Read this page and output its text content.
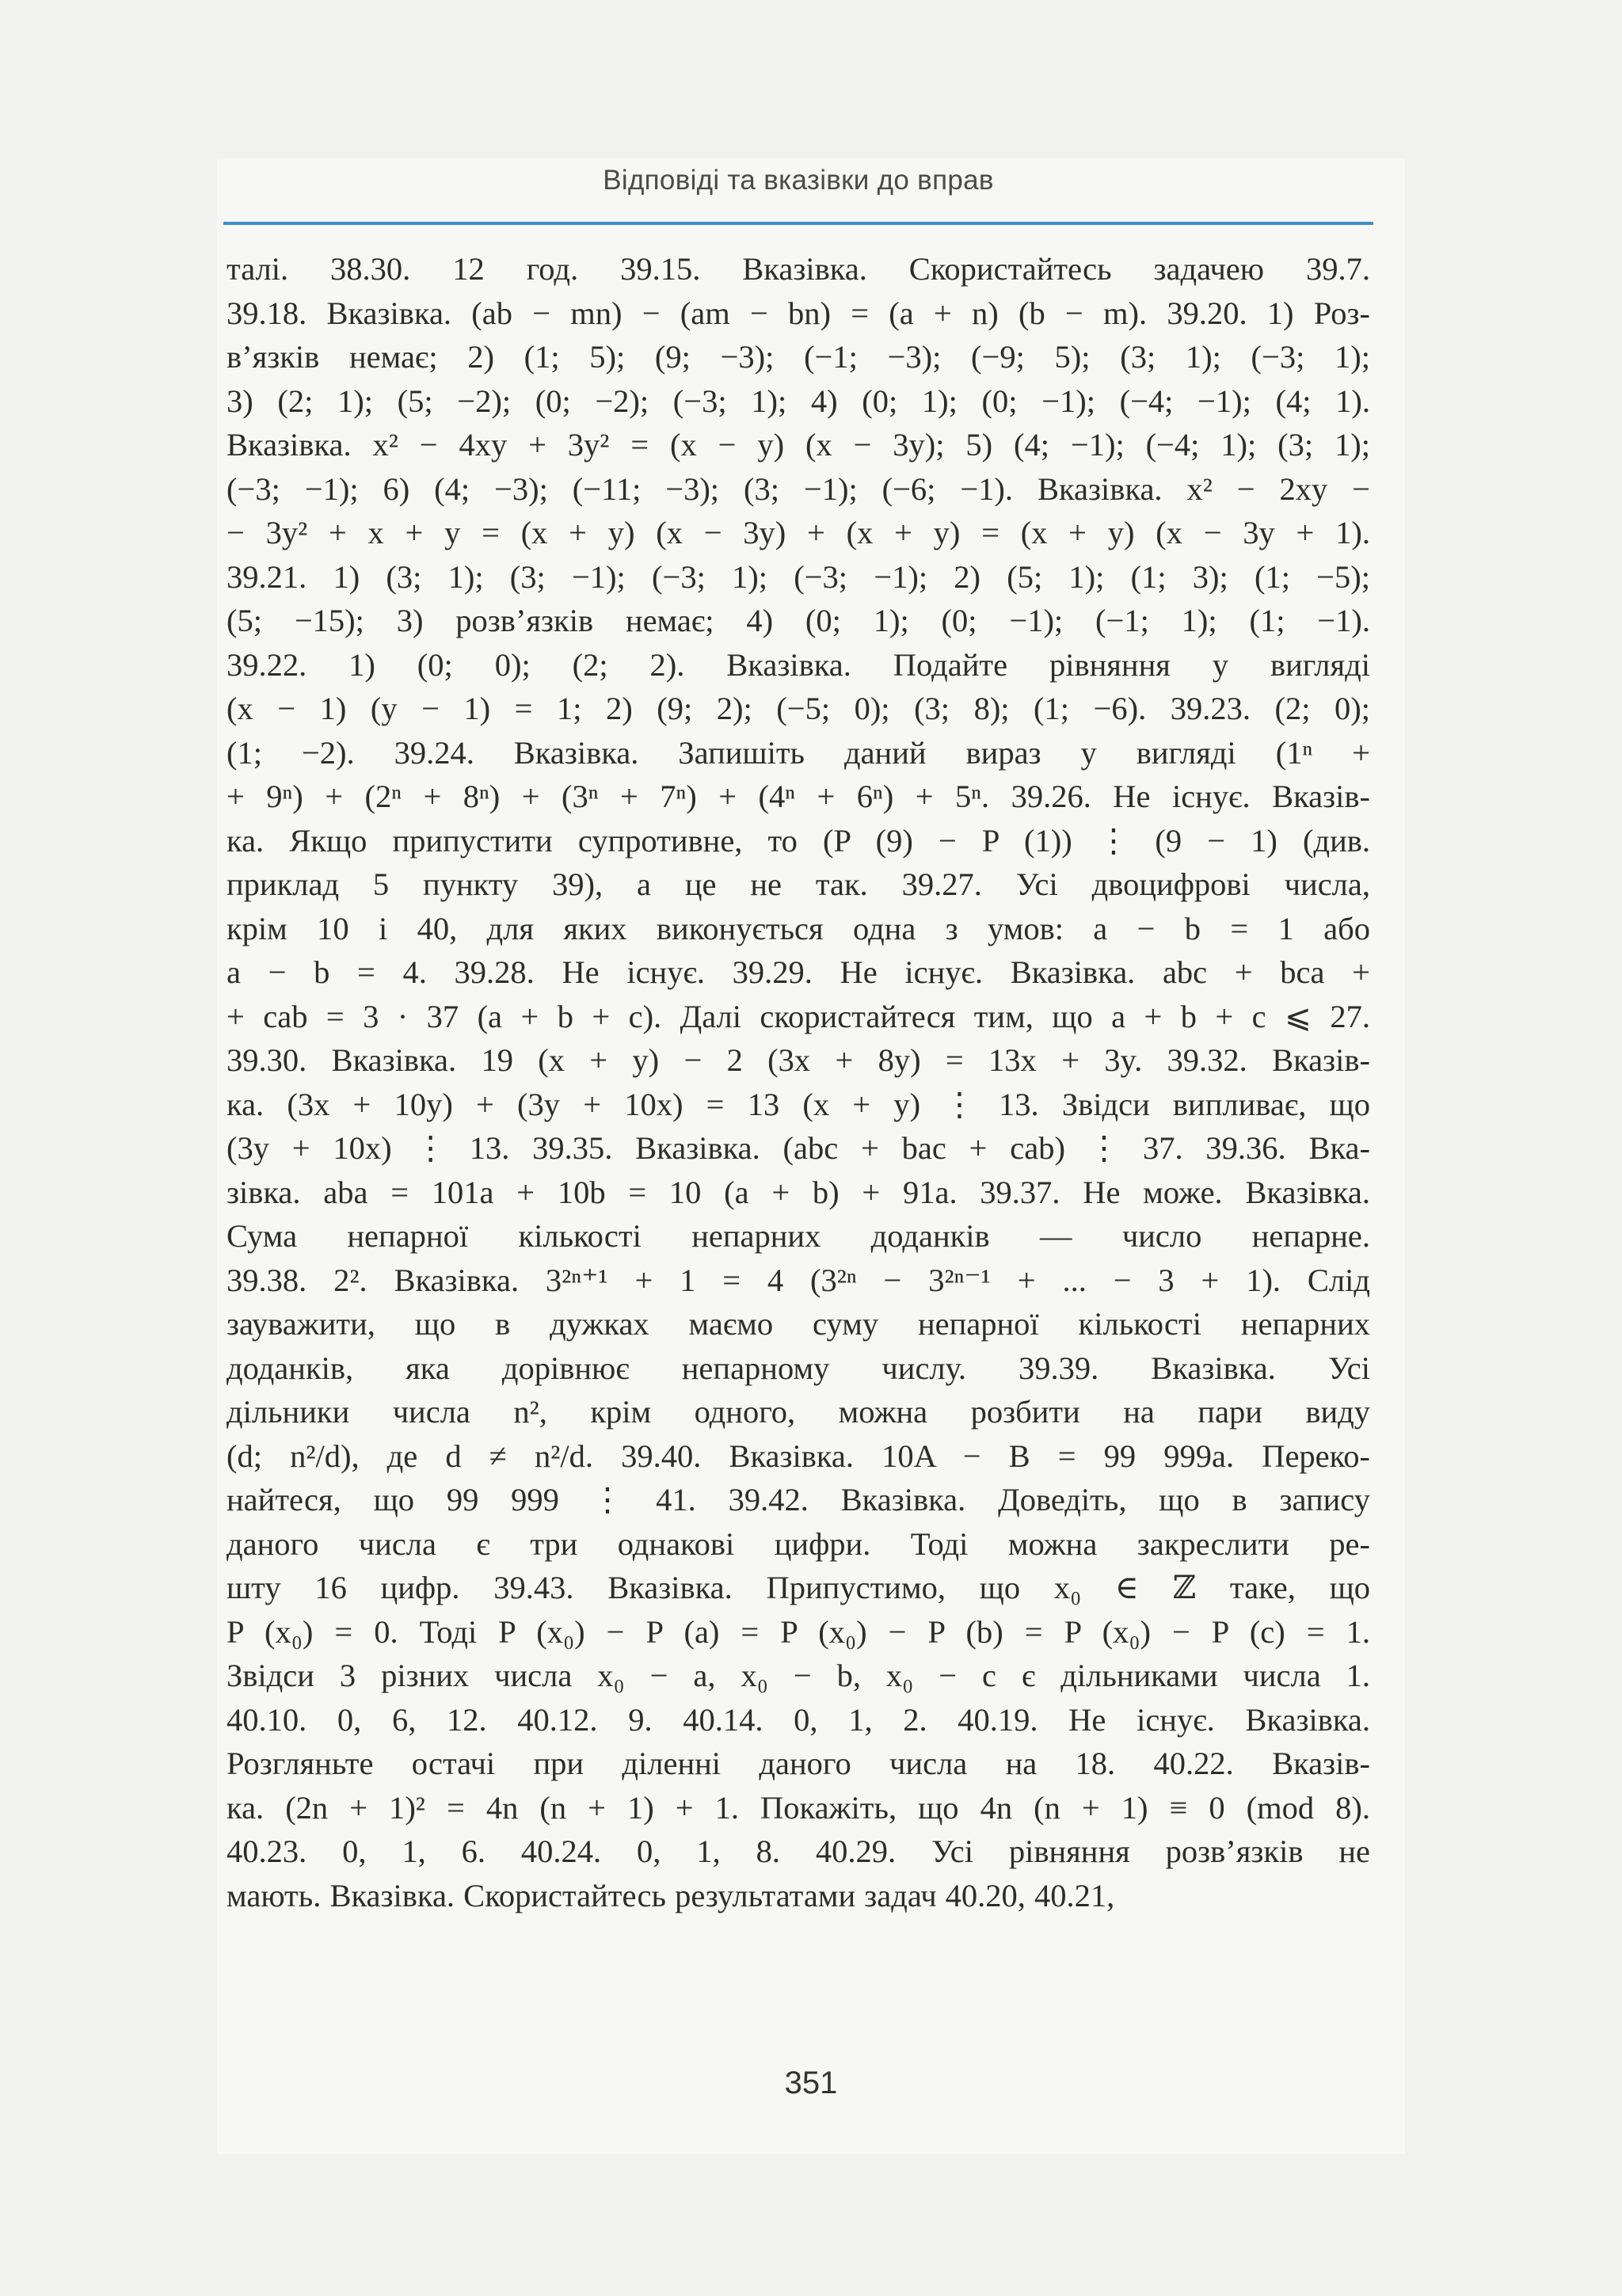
Відповіді та вказівки до вправ
талі. 38.30. 12 год. 39.15. Вказівка. Скористайтесь задачею 39.7.
39.18. Вказівка. (ab − mn) − (am − bn) = (a + n) (b − m). 39.20. 1) Роз-
в’язків немає; 2) (1; 5); (9; −3); (−1; −3); (−9; 5); (3; 1); (−3; 1);
3) (2; 1); (5; −2); (0; −2); (−3; 1); 4) (0; 1); (0; −1); (−4; −1); (4; 1).
Вказівка. x² − 4xy + 3y² = (x − y) (x − 3y); 5) (4; −1); (−4; 1); (3; 1);
(−3; −1); 6) (4; −3); (−11; −3); (3; −1); (−6; −1). Вказівка. x² − 2xy −
− 3y² + x + y = (x + y) (x − 3y) + (x + y) = (x + y) (x − 3y + 1).
39.21. 1) (3; 1); (3; −1); (−3; 1); (−3; −1); 2) (5; 1); (1; 3); (1; −5);
(5; −15); 3) розв’язків немає; 4) (0; 1); (0; −1); (−1; 1); (1; −1).
39.22. 1) (0; 0); (2; 2). Вказівка. Подайте рівняння у вигляді
(x − 1) (y − 1) = 1; 2) (9; 2); (−5; 0); (3; 8); (1; −6). 39.23. (2; 0);
(1; −2). 39.24. Вказівка. Запишіть даний вираз у вигляді (1ⁿ +
+ 9ⁿ) + (2ⁿ + 8ⁿ) + (3ⁿ + 7ⁿ) + (4ⁿ + 6ⁿ) + 5ⁿ. 39.26. Не існує. Вказів-
ка. Якщо припустити супротивне, то (P (9) − P (1)) ⋮ (9 − 1) (див.
приклад 5 пункту 39), а це не так. 39.27. Усі двоцифрові числа,
крім 10 і 40, для яких виконується одна з умов: a − b = 1 або
a − b = 4. 39.28. Не існує. 39.29. Не існує. Вказівка. abc + bca +
+ cab = 3 · 37 (a + b + c). Далі скористайтеся тим, що a + b + c ⩽ 27.
39.30. Вказівка. 19 (x + y) − 2 (3x + 8y) = 13x + 3y. 39.32. Вказів-
ка. (3x + 10y) + (3y + 10x) = 13 (x + y) ⋮ 13. Звідси випливає, що
(3y + 10x) ⋮ 13. 39.35. Вказівка. (abc + bac + cab) ⋮ 37. 39.36. Вка-
зівка. aba = 101a + 10b = 10 (a + b) + 91a. 39.37. Не може. Вказівка.
Сума непарної кількості непарних доданків — число непарне.
39.38. 2². Вказівка. 3²ⁿ⁺¹ + 1 = 4 (3²ⁿ − 3²ⁿ⁻¹ + ... − 3 + 1). Слід
зауважити, що в дужках маємо суму непарної кількості непарних
доданків, яка дорівнює непарному числу. 39.39. Вказівка. Усі
дільники числа n², крім одного, можна розбити на пари виду
(d; n²/d), де d ≠ n²/d. 39.40. Вказівка. 10A − B = 99 999a. Переко-
найтеся, що 99 999 ⋮ 41. 39.42. Вказівка. Доведіть, що в запису
даного числа є три однакові цифри. Тоді можна закреслити ре-
шту 16 цифр. 39.43. Вказівка. Припустимо, що x₀ ∈ ℤ таке, що
P (x₀) = 0. Тоді P (x₀) − P (a) = P (x₀) − P (b) = P (x₀) − P (c) = 1.
Звідси 3 різних числа x₀ − a, x₀ − b, x₀ − c є дільниками числа 1.
40.10. 0, 6, 12. 40.12. 9. 40.14. 0, 1, 2. 40.19. Не існує. Вказівка.
Розгляньте остачі при діленні даного числа на 18. 40.22. Вказів-
ка. (2n + 1)² = 4n (n + 1) + 1. Покажіть, що 4n (n + 1) ≡ 0 (mod 8).
40.23. 0, 1, 6. 40.24. 0, 1, 8. 40.29. Усі рівняння розв’язків не
мають. Вказівка. Скористайтесь результатами задач 40.20, 40.21,
351
